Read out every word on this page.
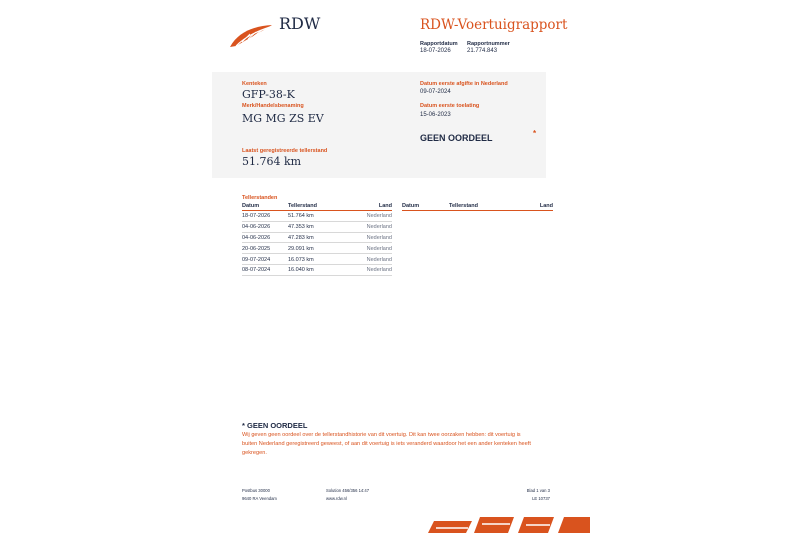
RDW	RDW-Voertuigrapport
Rapportdatum
18-07-2026
Rapportnummer
21.774.843
Kenteken
GFP-38-K
Merk/Handelsbenaming
MG MG ZS EV
Laatst geregistreerde tellerstand
51.764 km
Datum eerste afgifte in Nederland
09-07-2024
Datum eerste toelating
15-06-2023
GEEN OORDEEL	*
Tellerstanden
Datum	Tellerstand	Land
18-07-2026	51.764 km	Nederland
04-06-2026	47.353 km	Nederland
04-06-2026	47.283 km	Nederland
20-06-2025	29.091 km	Nederland
09-07-2024	16.073 km	Nederland
08-07-2024	16.040 km	Nederland
Datum	Tellerstand	Land
* GEEN OORDEEL
Wij geven geen oordeel over de tellerstandhistorie van dit voertuig. Dit kan twee oorzaken hebben: dit voertuig is buiten Nederland geregistreerd geweest, of aan dit voertuig is iets veranderd waardoor het een ander kenteken heeft gekregen.
Postbus 30000
9640 RA Veendam
Solution 456/356 14:47
www.rdw.nl
Blad 1 van 3
LE 10737
